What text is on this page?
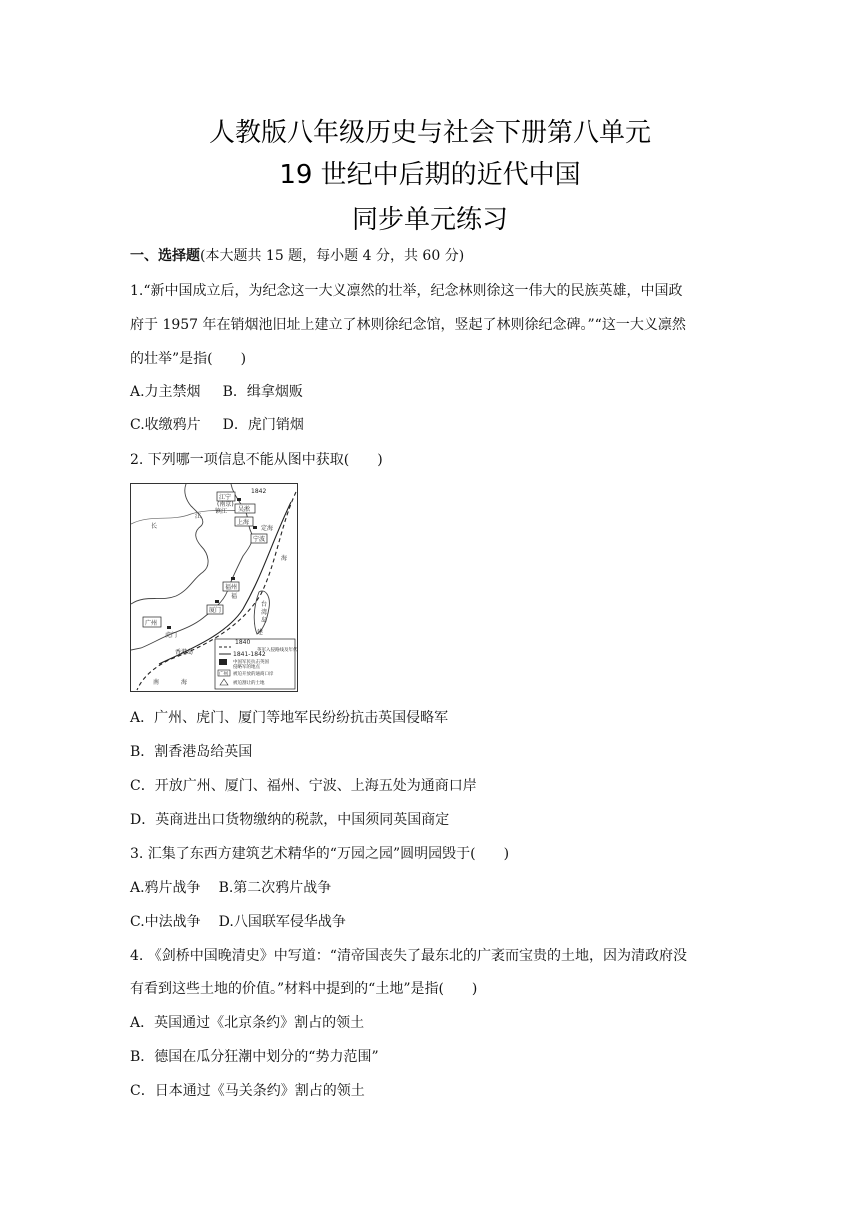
人教版八年级历史与社会下册第八单元
19 世纪中后期的近代中国
同步单元练习
一、选择题(本大题共 15 题，每小题 4 分，共 60 分)
1.“新中国成立后，为纪念这一大义凛然的壮举，纪念林则徐这一伟大的民族英雄，中国政
府于 1957 年在销烟池旧址上建立了林则徐纪念馆，竖起了林则徐纪念碑。”“这一大义凛然
的壮举”是指(　　)
A.力主禁烟 B．缉拿烟贩
C.收缴鸦片 D．虎门销烟
2. 下列哪一项信息不能从图中获取(　　)
江宁
(南京)
1842
镇江 吴淞
上海
定海
宁波
长
江
福州
福
厦门
台
湾
岛
建
广州
虎门
香港岛
海
海
南
1840
1841-1842
英军入侵路线及年代
中国军民抗击英国
侵略军的地点
广州 被迫开放的通商口岸
被迫割让的土地
A．广州、虎门、厦门等地军民纷纷抗击英国侵略军
B．割香港岛给英国
C．开放广州、厦门、福州、宁波、上海五处为通商口岸
D．英商进出口货物缴纳的税款，中国须同英国商定
3. 汇集了东西方建筑艺术精华的“万园之园”圆明园毁于(　　)
A.鸦片战争 B.第二次鸦片战争
C.中法战争 D.八国联军侵华战争
4. 《剑桥中国晚清史》中写道：“清帝国丧失了最东北的广袤而宝贵的土地，因为清政府没
有看到这些土地的价值。”材料中提到的“土地”是指(　　)
A．英国通过《北京条约》割占的领土
B．德国在瓜分狂潮中划分的“势力范围”
C．日本通过《马关条约》割占的领土
